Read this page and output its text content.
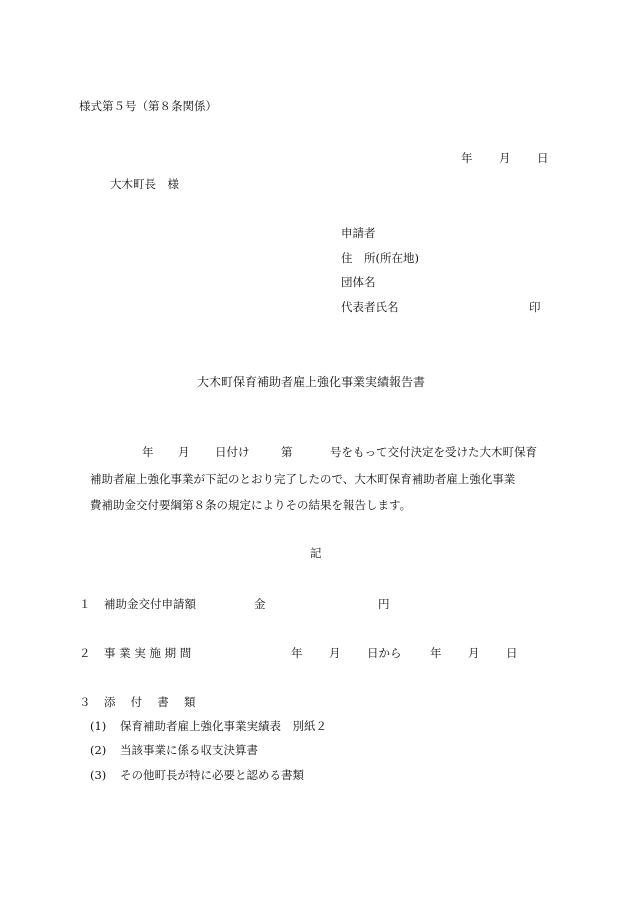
様式第５号（第８条関係）
年 月 日
大木町長　様
申請者
住　所(所在地)
団体名
代表者氏名	印
大木町保育補助者雇上強化事業実績報告書
年 月 日付け	第	号をもって交付決定を受けた大木町保育
補助者雇上強化事業が下記のとおり完了したので、大木町保育補助者雇上強化事業
費補助金交付要綱第８条の規定によりその結果を報告します。
記
１ 補助金交付申請額	金	円
２ 事 業 実 施 期 間	年 月 日から 年 月 日
３ 添　 付　 書　 類
(1) 保育補助者雇上強化事業実績表　別紙２
(2) 当該事業に係る収支決算書
(3) その他町長が特に必要と認める書類
